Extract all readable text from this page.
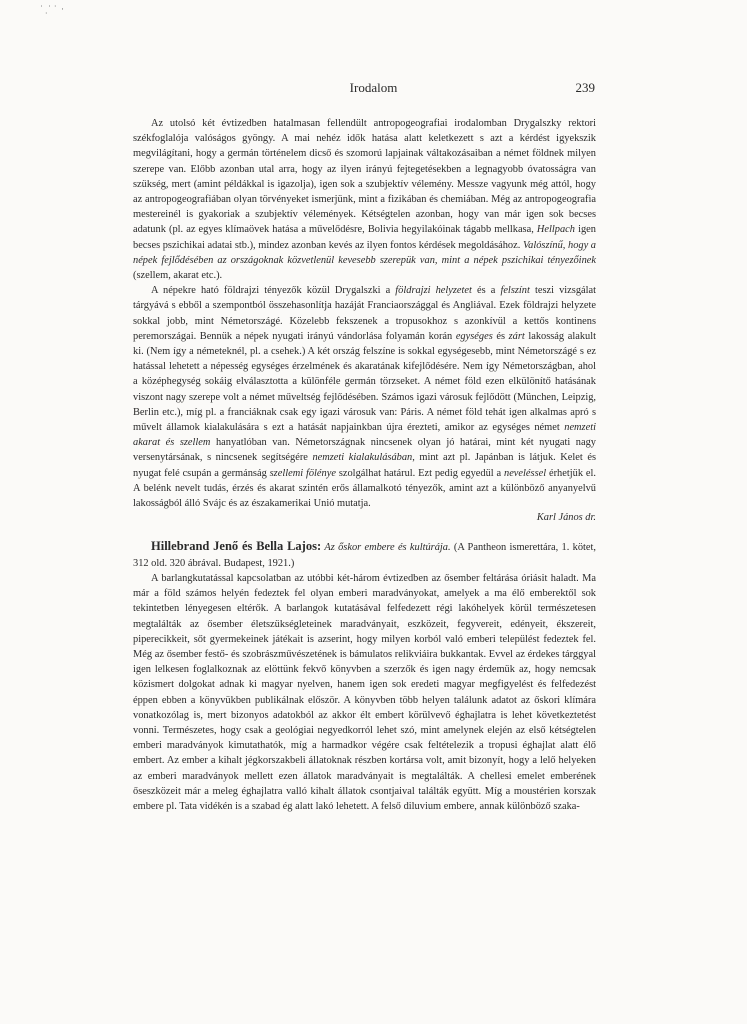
˙ ̣ ̇ ˙ ·
Irodalom	239

Az utolsó két évtizedben hatalmasan fellendült antropogeografiai irodalomban Drygalszky rektori székfoglalója valóságos gyöngy. A mai nehéz idők hatása alatt keletkezett s azt a kérdést igyekszik megvilágítani, hogy a germán történelem dicső és szomorú lapjainak váltakozásaiban a német földnek milyen szerepe van. Előbb azonban utal arra, hogy az ilyen irányú fejtegetésekben a legnagyobb óvatosságra van szükség, mert (amint példákkal is igazolja), igen sok a szubjektív vélemény. Messze vagyunk még attól, hogy az antropogeografiában olyan törvényeket ismerjünk, mint a fizikában és chemiában. Még az antropogeografia mestereinél is gyakoriak a szubjektív vélemények. Kétségtelen azonban, hogy van már igen sok becses adatunk (pl. az egyes klímaövek hatása a művelődésre, Bolivia hegyilakóinak tágabb mellkasa, Hellpach igen becses pszichikai adatai stb.), mindez azonban kevés az ilyen fontos kérdések megoldásához. Valószínű, hogy a népek fejlődésében az országoknak közvetlenül kevesebb szerepük van, mint a népek pszichikai tényezőinek (szellem, akarat etc.).

A népekre ható földrajzi tényezők közül Drygalszki a földrajzi helyzetet és a felszínt teszi vizsgálat tárgyává s ebből a szempontból összehasonlítja hazáját Franciaországgal és Angliával. Ezek földrajzi helyzete sokkal jobb, mint Németországé. Közelebb fekszenek a tropusokhoz s azonkívül a kettős kontinens peremországai. Bennük a népek nyugati irányú vándorlása folyamán korán egységes és zárt lakosság alakult ki. (Nem így a németeknél, pl. a csehek.) A két ország felszíne is sokkal egységesebb, mint Németországé s ez hatással lehetett a népesség egységes érzelmének és akaratának kifejlődésére. Nem így Németországban, ahol a középhegység sokáig elválasztotta a különféle germán törzseket. A német föld ezen elkülönítő hatásának viszont nagy szerepe volt a német műveltség fejlődésében. Számos igazi városuk fejlődött (München, Leipzig, Berlin etc.), míg pl. a franciáknak csak egy igazi városuk van: Páris. A német föld tehát igen alkalmas apró s művelt államok kialakulására s ezt a hatását napjainkban újra érezteti, amikor az egységes német nemzeti akarat és szellem hanyatlóban van. Németországnak nincsenek olyan jó határai, mint két nyugati nagy versenytársának, s nincsenek segítségére nemzeti kialakulásában, mint azt pl. Japánban is látjuk. Kelet és nyugat felé csupán a germánság szellemi fölénye szolgálhat határul. Ezt pedig egyedül a neveléssel érhetjük el. A belénk nevelt tudás, érzés és akarat szintén erős államalkotó tényezők, amint azt a különböző anyanyelvű lakosságból álló Svájc és az északamerikai Unió mutatja.

Karl János dr.

Hillebrand Jenő és Bella Lajos: Az őskor embere és kultúrája. (A Pantheon ismerettára, 1. kötet, 312 old. 320 ábrával. Budapest, 1921.)

A barlangkutatással kapcsolatban az utóbbi két-három évtizedben az ősember feltárása óriásit haladt. Ma már a föld számos helyén fedeztek fel olyan emberi maradványokat, amelyek a ma élő emberektől sok tekintetben lényegesen eltérők. A barlangok kutatásával felfedezett régi lakóhelyek körül természetesen megtalálták az ősember életszükségleteinek maradványait, eszközeit, fegyvereit, edényeit, ékszereit, piperecikkeit, sőt gyermekeinek játékait is azserint, hogy milyen korból való emberi települést fedeztek fel. Még az ősember festő- és szobrászművészetének is bámulatos relikviáira bukkantak. Evvel az érdekes tárggyal igen lelkesen foglalkoznak az elöttünk fekvő könyvben a szerzők és igen nagy érdemük az, hogy nemcsak közismert dolgokat adnak ki magyar nyelven, hanem igen sok eredeti magyar megfigyelést és felfedezést éppen ebben a könyvükben publikálnak először. A könyvben több helyen találunk adatot az őskori klímára vonatkozólag is, mert bizonyos adatokból az akkor élt embert körülvevő éghajlatra is lehet következtetést vonni. Természetes, hogy csak a geológiai negyedkorról lehet szó, mint amelynek elején az első kétségtelen emberi maradványok kimutathatók, míg a harmadkor végére csak feltételezik a tropusi éghajlat alatt élő embert. Az ember a kihalt jégkorszakbeli állatoknak részben kortársa volt, amit bizonyít, hogy a lelő helyeken az emberi maradványok mellett ezen állatok maradványait is megtalálták. A chellesi emelet emberének őseszközeit már a meleg éghajlatra valló kihalt állatok csontjaival találták együtt. Míg a moustérien korszak embere pl. Tata vidékén is a szabad ég alatt lakó lehetett. A felső diluvium embere, annak különböző szaka-
